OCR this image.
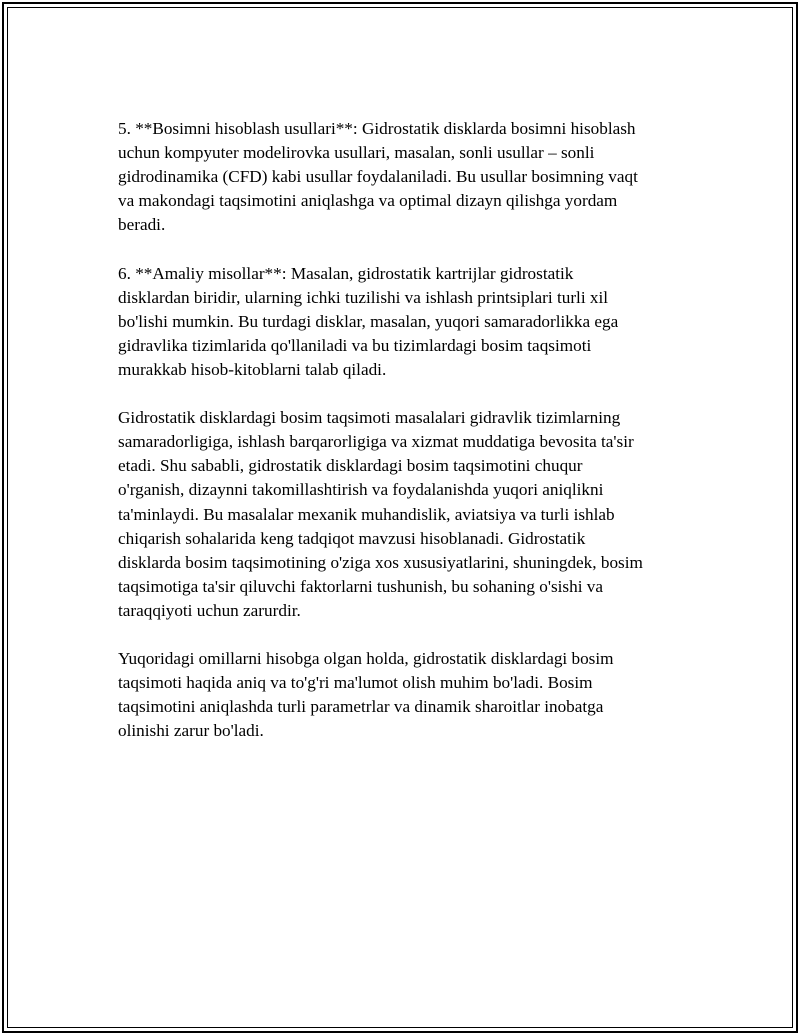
5. **Bosimni hisoblash usullari**: Gidrostatik disklarda bosimni hisoblash
uchun kompyuter modelirovka usullari, masalan, sonli usullar – sonli
gidrodinamika (CFD) kabi usullar foydalaniladi. Bu usullar bosimning vaqt
va makondagi taqsimotini aniqlashga va optimal dizayn qilishga yordam
beradi.

6. **Amaliy misollar**: Masalan, gidrostatik kartrijlar gidrostatik
disklardan biridir, ularning ichki tuzilishi va ishlash printsiplari turli xil
bo'lishi mumkin. Bu turdagi disklar, masalan, yuqori samaradorlikka ega
gidravlika tizimlarida qo'llaniladi va bu tizimlardagi bosim taqsimoti
murakkab hisob-kitoblarni talab qiladi.

Gidrostatik disklardagi bosim taqsimoti masalalari gidravlik tizimlarning
samaradorligiga, ishlash barqarorligiga va xizmat muddatiga bevosita ta'sir
etadi. Shu sababli, gidrostatik disklardagi bosim taqsimotini chuqur
o'rganish, dizaynni takomillashtirish va foydalanishda yuqori aniqlikni
ta'minlaydi. Bu masalalar mexanik muhandislik, aviatsiya va turli ishlab
chiqarish sohalarida keng tadqiqot mavzusi hisoblanadi. Gidrostatik
disklarda bosim taqsimotining o'ziga xos xususiyatlarini, shuningdek, bosim
taqsimotiga ta'sir qiluvchi faktorlarni tushunish, bu sohaning o'sishi va
taraqqiyoti uchun zarurdir.

Yuqoridagi omillarni hisobga olgan holda, gidrostatik disklardagi bosim
taqsimoti haqida aniq va to'g'ri ma'lumot olish muhim bo'ladi. Bosim
taqsimotini aniqlashda turli parametrlar va dinamik sharoitlar inobatga
olinishi zarur bo'ladi.
